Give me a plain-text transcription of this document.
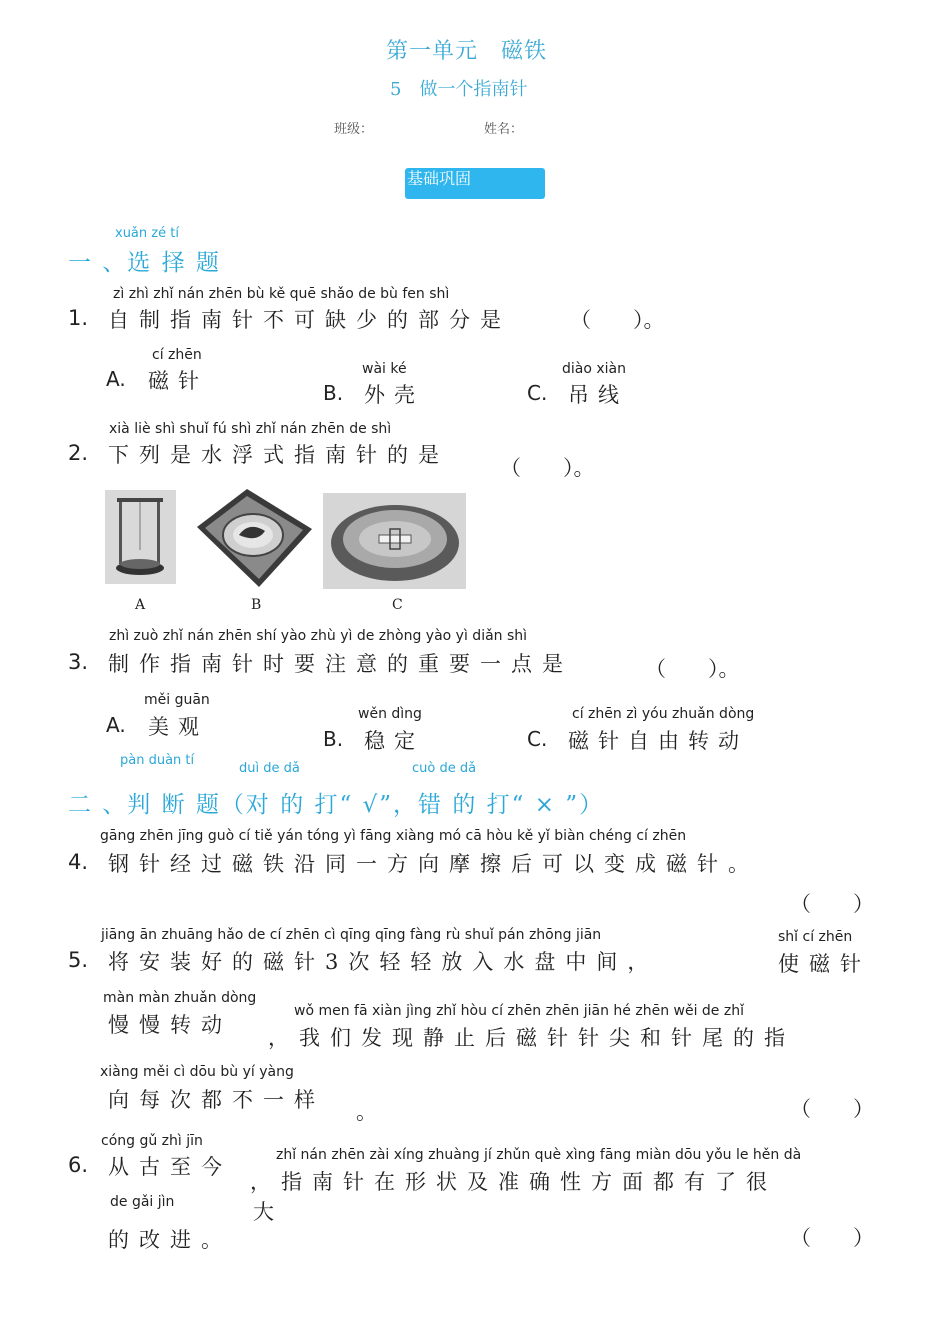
第一单元　磁铁
5　做一个指南针
班级：	姓名：
基础巩固
xuǎn zé tí
一 、选 择 题
zì zhì zhǐ nán zhēn bù kě quē shǎo de bù fen shì
1. 自制指南针不可缺少的部分是	（　　）。
cí zhēn
A. 磁针	wài ké
B. 外壳
diào xiàn
C. 吊线
xià liè shì shuǐ fú shì zhǐ nán zhēn de shì
2. 下列是水浮式指南针的是
（　　）。
A	B	C
zhì zuò zhǐ nán zhēn shí yào zhù yì de zhòng yào yì diǎn shì
3. 制作指南针时要注意的重要一点是	（　　）。
měi guān
A. 美观
wěn dìng
B. 稳定
cí zhēn zì yóu zhuǎn dòng
C. 磁针自由转动
pàn duàn tí
duì de dǎ	cuò de dǎ
二 、判 断 题（对 的 打“ √”，错 的 打“ × ”）
gāng zhēn jīng guò cí tiě yán tóng yì fāng xiàng mó cā hòu kě yǐ biàn chéng cí zhēn
4. 钢针经过磁铁沿同一方向摩擦后可以变成磁针。
（　　）
jiāng ān zhuāng hǎo de cí zhēn cì qīng qīng fàng rù shuǐ pán zhōng jiān	shǐ cí zhēn
5. 将安装好的磁针3次轻轻放入水盘中间，	使磁针
màn màn zhuǎn dòng
慢慢转动
wǒ men fā xiàn jìng zhǐ hòu cí zhēn zhēn jiān hé zhēn wěi de zhǐ
，我们发现静止后磁针针尖和针尾的指
xiàng měi cì dōu bù yí yàng
向每次都不一样 。	（　　）
cóng gǔ zhì jīn
6. 从古至今	zhǐ nán zhēn zài xíng zhuàng jí zhǔn què xìng fāng miàn dōu yǒu le hěn dà
，指南针在形状及准确性方面都有了很
大
de gǎi jìn
的改进。	（　　）
